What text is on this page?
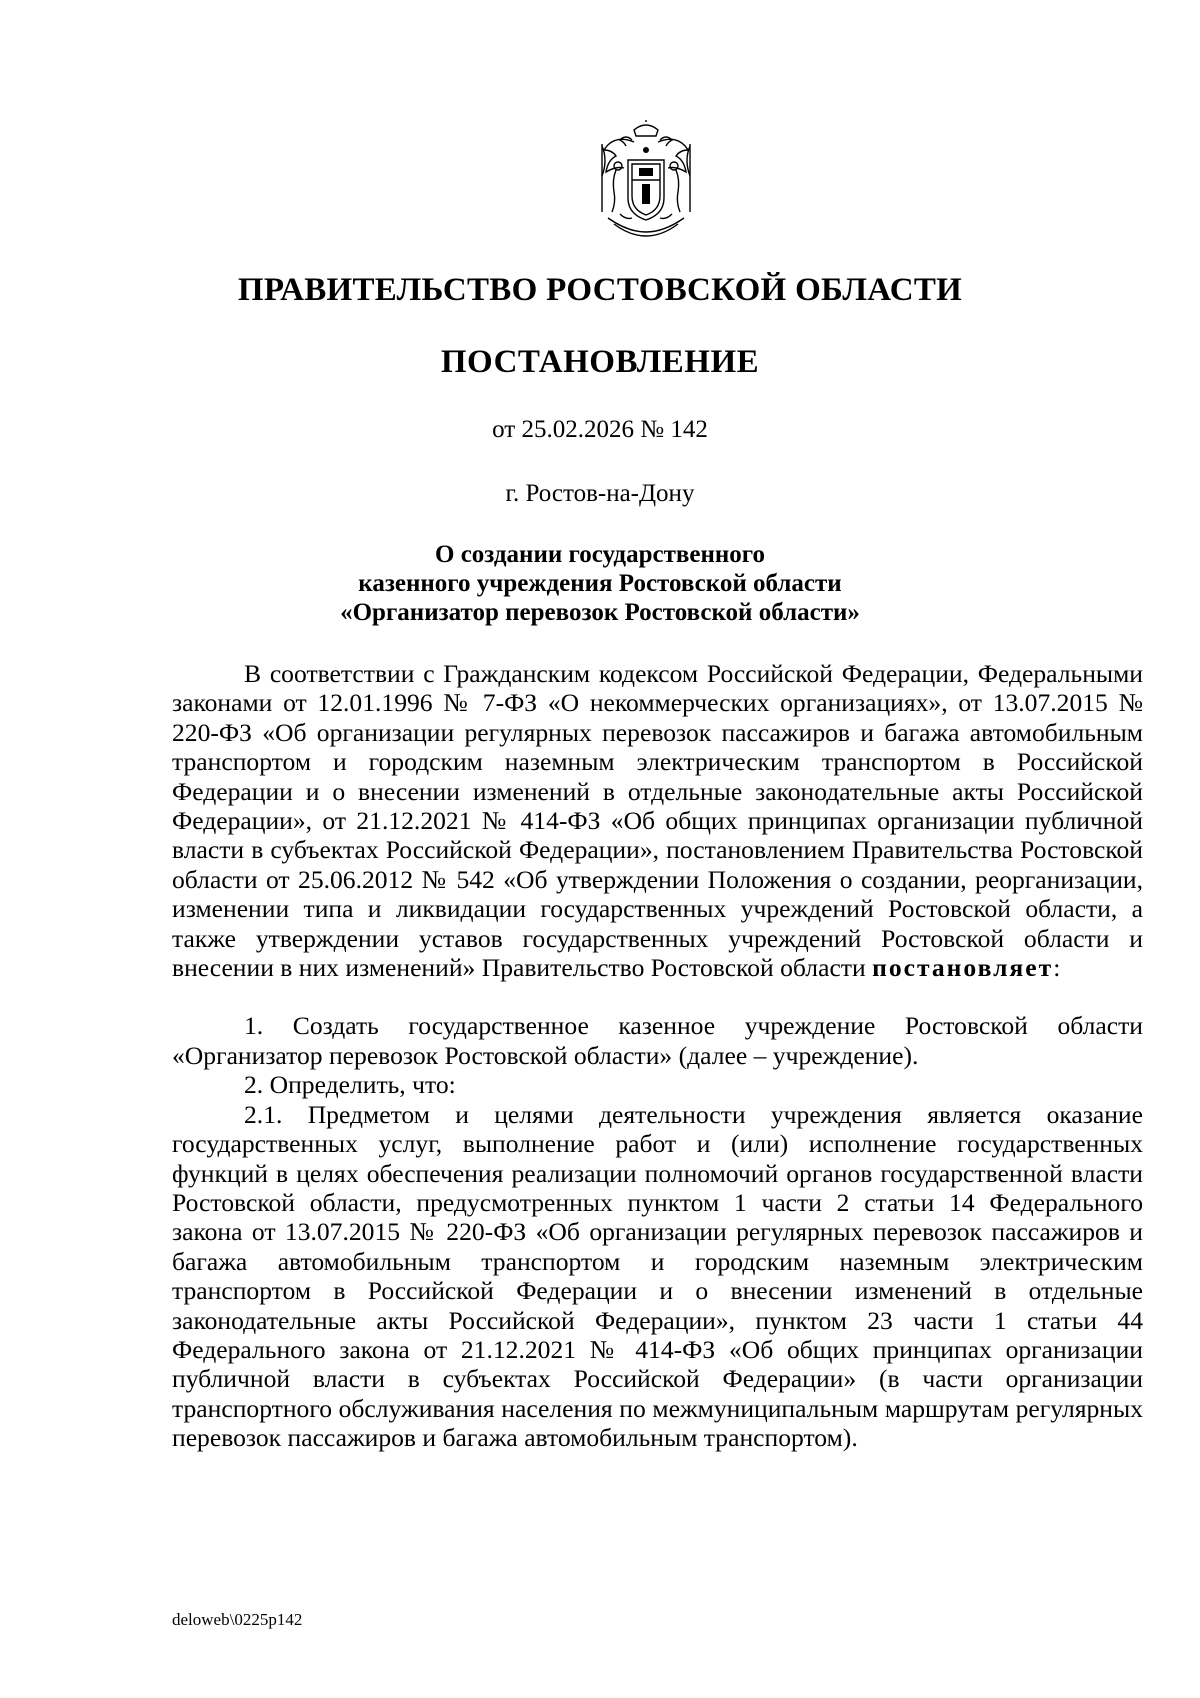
ПРАВИТЕЛЬСТВО РОСТОВСКОЙ ОБЛАСТИ
ПОСТАНОВЛЕНИЕ
от 25.02.2026 № 142
г. Ростов-на-Дону
О создании государственного
казенного учреждения Ростовской области
«Организатор перевозок Ростовской области»

В соответствии с Гражданским кодексом Российской Федерации, Федеральными законами от 12.01.1996 № 7-ФЗ «О некоммерческих организациях», от 13.07.2015 № 220-ФЗ «Об организации регулярных перевозок пассажиров и багажа автомобильным транспортом и городским наземным электрическим транспортом в Российской Федерации и о внесении изменений в отдельные законодательные акты Российской Федерации», от 21.12.2021 № 414-ФЗ «Об общих принципах организации публичной власти в субъектах Российской Федерации», постановлением Правительства Ростовской области от 25.06.2012 № 542 «Об утверждении Положения о создании, реорганизации, изменении типа и ликвидации государственных учреждений Ростовской области, а также утверждении уставов государственных учреждений Ростовской области и внесении в них изменений» Правительство Ростовской области постановляет:

1. Создать государственное казенное учреждение Ростовской области «Организатор перевозок Ростовской области» (далее – учреждение).

2. Определить, что:

2.1. Предметом и целями деятельности учреждения является оказание государственных услуг, выполнение работ и (или) исполнение государственных функций в целях обеспечения реализации полномочий органов государственной власти Ростовской области, предусмотренных пунктом 1 части 2 статьи 14 Федерального закона от 13.07.2015 № 220-ФЗ «Об организации регулярных перевозок пассажиров и багажа автомобильным транспортом и городским наземным электрическим транспортом в Российской Федерации и о внесении изменений в отдельные законодательные акты Российской Федерации», пунктом 23 части 1 статьи 44 Федерального закона от 21.12.2021 № 414-ФЗ «Об общих принципах организации публичной власти в субъектах Российской Федерации» (в части организации транспортного обслуживания населения по межмуниципальным маршрутам регулярных перевозок пассажиров и багажа автомобильным транспортом).

deloweb\0225p142
